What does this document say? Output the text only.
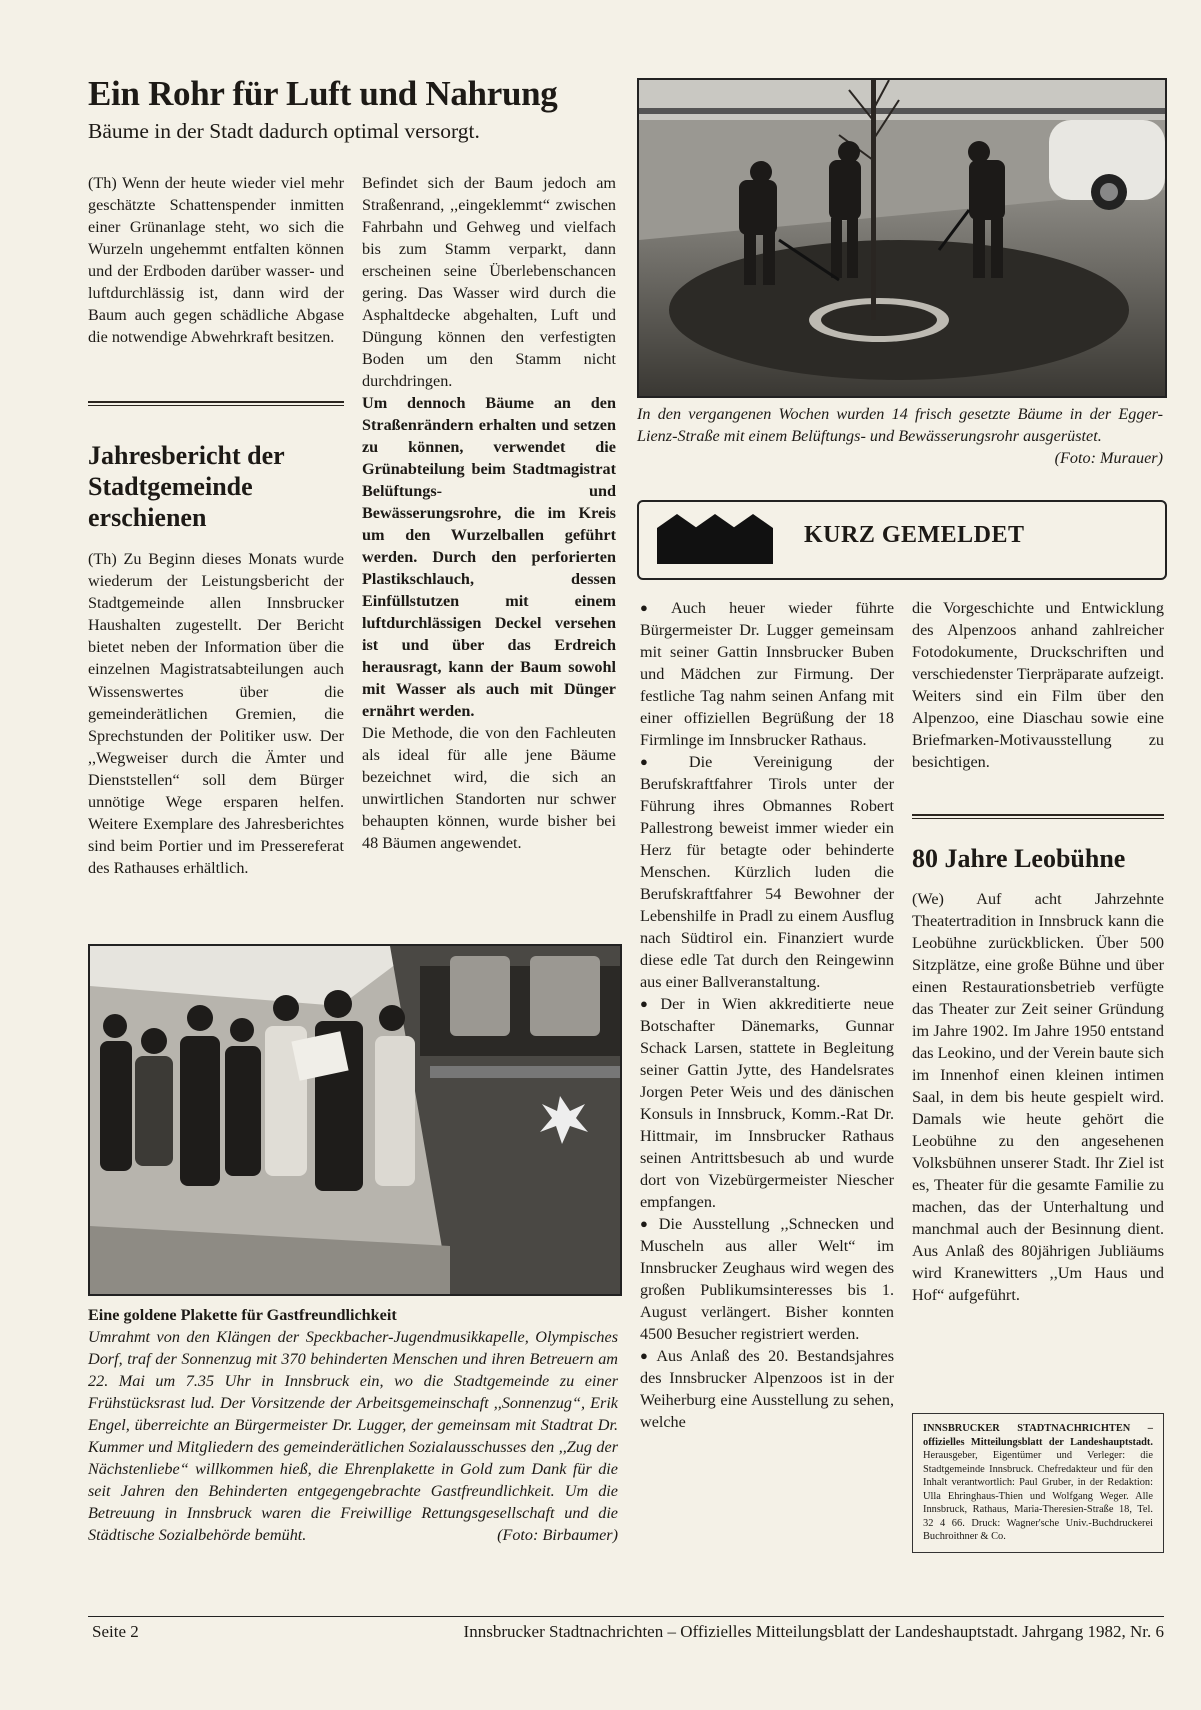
Ein Rohr für Luft und Nahrung
Bäume in der Stadt dadurch optimal versorgt.

(Th) Wenn der heute wieder viel mehr geschätzte Schattenspender inmitten einer Grünanlage steht, wo sich die Wurzeln ungehemmt entfalten können und der Erdboden darüber wasser- und luftdurchlässig ist, dann wird der Baum auch gegen schädliche Abgase die notwendige Abwehrkraft besitzen.

Jahresbericht der Stadtgemeinde erschienen

(Th) Zu Beginn dieses Monats wurde wiederum der Leistungsbericht der Stadtgemeinde allen Innsbrucker Haushalten zugestellt. Der Bericht bietet neben der Information über die einzelnen Magistratsabteilungen auch Wissenswertes über die gemeinderätlichen Gremien, die Sprechstunden der Politiker usw. Der ,,Wegweiser durch die Ämter und Dienststellen“ soll dem Bürger unnötige Wege ersparen helfen. Weitere Exemplare des Jahresberichtes sind beim Portier und im Pressereferat des Rathauses erhältlich.

Befindet sich der Baum jedoch am Straßenrand, ,,eingeklemmt“ zwischen Fahrbahn und Gehweg und vielfach bis zum Stamm verparkt, dann erscheinen seine Überlebenschancen gering. Das Wasser wird durch die Asphaltdecke abgehalten, Luft und Düngung können den verfestigten Boden um den Stamm nicht durchdringen.

Um dennoch Bäume an den Straßenrändern erhalten und setzen zu können, verwendet die Grünabteilung beim Stadtmagistrat Belüftungs- und Bewässerungsrohre, die im Kreis um den Wurzelballen geführt werden. Durch den perforierten Plastikschlauch, dessen Einfüllstutzen mit einem luftdurchlässigen Deckel versehen ist und über das Erdreich herausragt, kann der Baum sowohl mit Wasser als auch mit Dünger ernährt werden.

Die Methode, die von den Fachleuten als ideal für alle jene Bäume bezeichnet wird, die sich an unwirtlichen Standorten nur schwer behaupten können, wurde bisher bei 48 Bäumen angewendet.

In den vergangenen Wochen wurden 14 frisch gesetzte Bäume in der Egger-Lienz-Straße mit einem Belüftungs- und Bewässerungsrohr ausgerüstet.
(Foto: Murauer)
KURZ GEMELDET

● Auch heuer wieder führte Bürgermeister Dr. Lugger gemeinsam mit seiner Gattin Innsbrucker Buben und Mädchen zur Firmung. Der festliche Tag nahm seinen Anfang mit einer offiziellen Begrüßung der 18 Firmlinge im Innsbrucker Rathaus.

● Die Vereinigung der Berufskraftfahrer Tirols unter der Führung ihres Obmannes Robert Pallestrong beweist immer wieder ein Herz für betagte oder behinderte Menschen. Kürzlich luden die Berufskraftfahrer 54 Bewohner der Lebenshilfe in Pradl zu einem Ausflug nach Südtirol ein. Finanziert wurde diese edle Tat durch den Reingewinn aus einer Ballveranstaltung.

● Der in Wien akkreditierte neue Botschafter Dänemarks, Gunnar Schack Larsen, stattete in Begleitung seiner Gattin Jytte, des Handelsrates Jorgen Peter Weis und des dänischen Konsuls in Innsbruck, Komm.-Rat Dr. Hittmair, im Innsbrucker Rathaus seinen Antrittsbesuch ab und wurde dort von Vizebürgermeister Niescher empfangen.

● Die Ausstellung ,,Schnecken und Muscheln aus aller Welt“ im Innsbrucker Zeughaus wird wegen des großen Publikumsinteresses bis 1. August verlängert. Bisher konnten 4500 Besucher registriert werden.

● Aus Anlaß des 20. Bestandsjahres des Innsbrucker Alpenzoos ist in der Weiherburg eine Ausstellung zu sehen, welche

die Vorgeschichte und Entwicklung des Alpenzoos anhand zahlreicher Fotodokumente, Druckschriften und verschiedenster Tierpräparate aufzeigt. Weiters sind ein Film über den Alpenzoo, eine Diaschau sowie eine Briefmarken-Motivausstellung zu besichtigen.

80 Jahre Leobühne

(We) Auf acht Jahrzehnte Theatertradition in Innsbruck kann die Leobühne zurückblicken. Über 500 Sitzplätze, eine große Bühne und über einen Restaurationsbetrieb verfügte das Theater zur Zeit seiner Gründung im Jahre 1902. Im Jahre 1950 entstand das Leokino, und der Verein baute sich im Innenhof einen kleinen intimen Saal, in dem bis heute gespielt wird. Damals wie heute gehört die Leobühne zu den angesehenen Volksbühnen unserer Stadt. Ihr Ziel ist es, Theater für die gesamte Familie zu machen, das der Unterhaltung und manchmal auch der Besinnung dient. Aus Anlaß des 80jährigen Jubliäums wird Kranewitters ,,Um Haus und Hof“ aufgeführt.

INNSBRUCKER STADTNACHRICHTEN – offizielles Mitteilungsblatt der Landeshauptstadt. Herausgeber, Eigentümer und Verleger: die Stadtgemeinde Innsbruck. Chefredakteur und für den Inhalt verantwortlich: Paul Gruber, in der Redaktion: Ulla Ehringhaus-Thien und Wolfgang Weger. Alle Innsbruck, Rathaus, Maria-Theresien-Straße 18, Tel. 32 4 66. Druck: Wagner'sche Univ.-Buchdruckerei Buchroithner & Co.
Eine goldene Plakette für Gastfreundlichkeit
Umrahmt von den Klängen der Speckbacher-Jugendmusikkapelle, Olympisches Dorf, traf der Sonnenzug mit 370 behinderten Menschen und ihren Betreuern am 22. Mai um 7.35 Uhr in Innsbruck ein, wo die Stadtgemeinde zu einer Frühstücksrast lud. Der Vorsitzende der Arbeitsgemeinschaft ,,Sonnenzug“, Erik Engel, überreichte an Bürgermeister Dr. Lugger, der gemeinsam mit Stadtrat Dr. Kummer und Mitgliedern des gemeinderätlichen Sozialausschusses den ,,Zug der Nächstenliebe“ willkommen hieß, die Ehrenplakette in Gold zum Dank für die seit Jahren den Behinderten entgegengebrachte Gastfreundlichkeit. Um die Betreuung in Innsbruck waren die Freiwillige Rettungsgesellschaft und die Städtische Sozialbehörde bemüht.	(Foto: Birbaumer)
Seite 2	Innsbrucker Stadtnachrichten – Offizielles Mitteilungsblatt der Landeshauptstadt. Jahrgang 1982, Nr. 6
